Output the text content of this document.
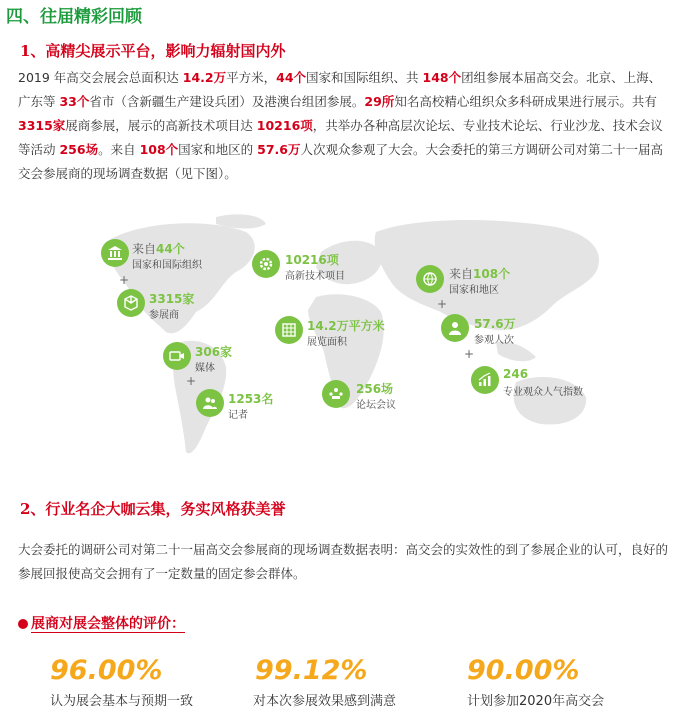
四、往届精彩回顾
1、高精尖展示平台，影响力辐射国内外
2019 年高交会展会总面积达 14.2万平方米，44个国家和国际组织、共 148个团组参展本届高交会。北京、上海、广东等 33个省市（含新疆生产建设兵团）及港澳台组团参展。29所知名高校精心组织众多科研成果进行展示。共有 3315家展商参展，展示的高新技术项目达 10216项，共举办各种高层次论坛、专业技术论坛、行业沙龙、技术会议等活动 256场。来自 108个国家和地区的 57.6万人次观众参观了大会。大会委托的第三方调研公司对第二十一届高交会参展商的现场调查数据（见下图）。
来自44个
国家和国际组织
+
3315家
参展商
306家
媒体
+
1253名
记者
10216项
高新技术项目
14.2万平方米
展览面积
256场
论坛会议
来自108个
国家和地区
+
57.6万
参观人次
+
246
专业观众人气指数
2、行业名企大咖云集，务实风格获美誉
大会委托的调研公司对第二十一届高交会参展商的现场调查数据表明：高交会的实效性的到了参展企业的认可，良好的参展回报使高交会拥有了一定数量的固定参会群体。
展商对展会整体的评价：
96.00%
认为展会基本与预期一致
99.12%
对本次参展效果感到满意
90.00%
计划参加2020年高交会
